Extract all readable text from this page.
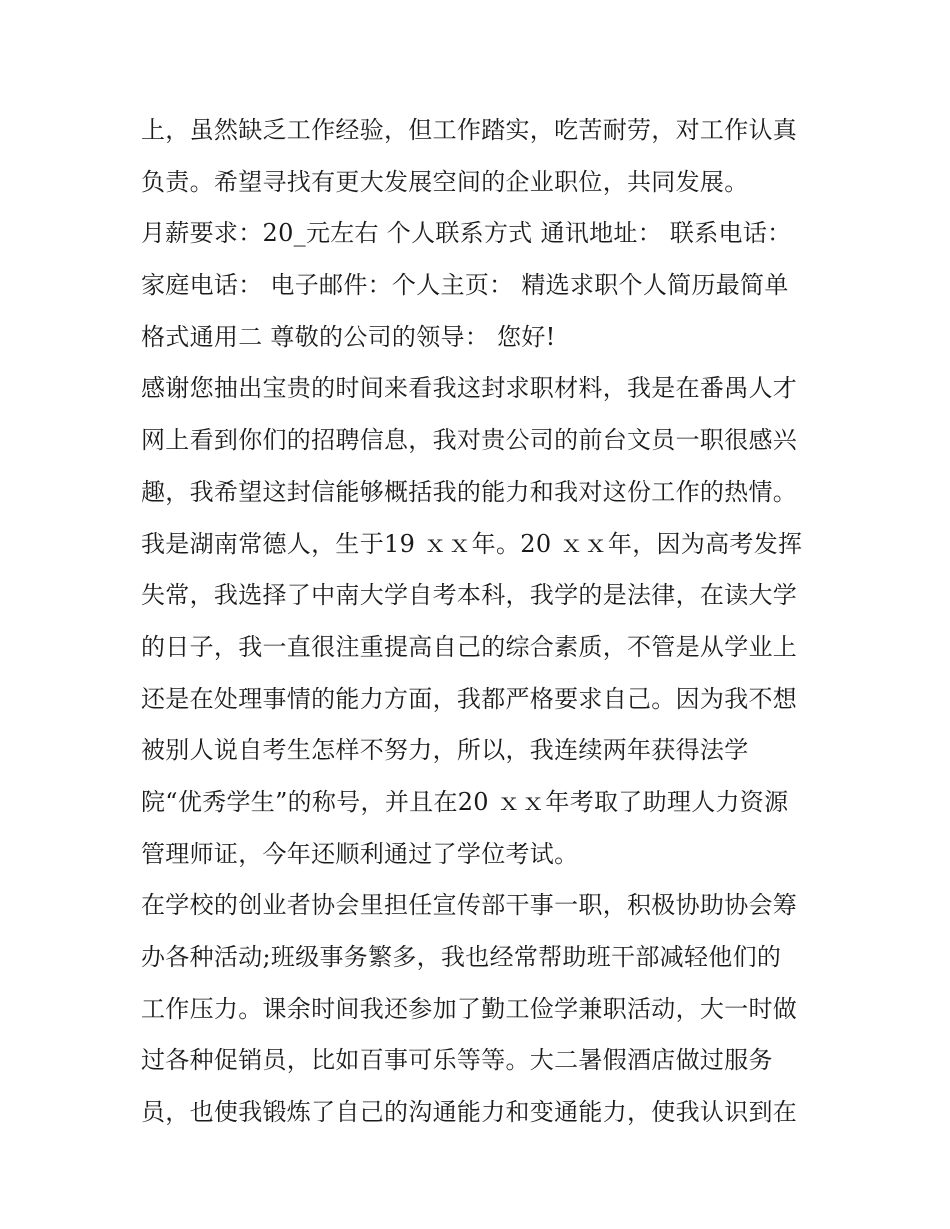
上，虽然缺乏工作经验，但工作踏实，吃苦耐劳，对工作认真
负责。希望寻找有更大发展空间的企业职位，共同发展。
月薪要求：20_元左右 个人联系方式 通讯地址： 联系电话：
家庭电话： 电子邮件：个人主页： 精选求职个人简历最简单
格式通用二 尊敬的公司的领导： 您好!
感谢您抽出宝贵的时间来看我这封求职材料，我是在番禺人才
网上看到你们的招聘信息，我对贵公司的前台文员一职很感兴
趣，我希望这封信能够概括我的能力和我对这份工作的热情。
我是湖南常德人，生于19 ｘｘ年。20 ｘｘ年，因为高考发挥
失常，我选择了中南大学自考本科，我学的是法律，在读大学
的日子，我一直很注重提高自己的综合素质，不管是从学业上
还是在处理事情的能力方面，我都严格要求自己。因为我不想
被别人说自考生怎样不努力，所以，我连续两年获得法学
院“优秀学生”的称号，并且在20 ｘｘ年考取了助理人力资源
管理师证，今年还顺利通过了学位考试。
在学校的创业者协会里担任宣传部干事一职，积极协助协会筹
办各种活动;班级事务繁多，我也经常帮助班干部减轻他们的
工作压力。课余时间我还参加了勤工俭学兼职活动，大一时做
过各种促销员，比如百事可乐等等。大二暑假酒店做过服务
员，也使我锻炼了自己的沟通能力和变通能力，使我认识到在
